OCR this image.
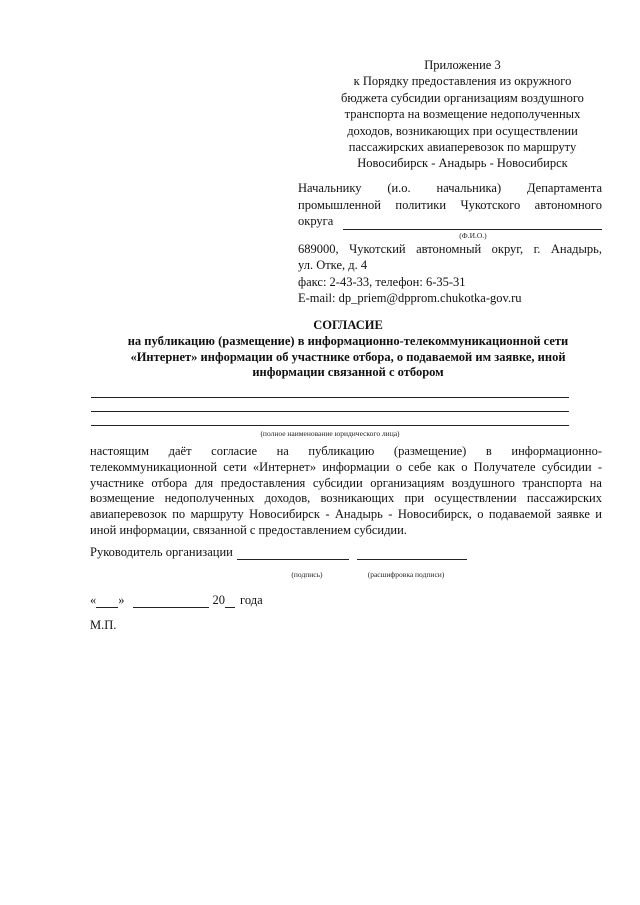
Приложение 3
к Порядку предоставления из окружного
бюджета субсидии организациям воздушного
транспорта на возмещение недополученных
доходов, возникающих при осуществлении
пассажирских авиаперевозок по маршруту
Новосибирск - Анадырь - Новосибирск
Начальнику (и.о. начальника) Департамента
промышленной политики Чукотского автономного
округа
(Ф.И.О.)
689000, Чукотский автономный округ, г. Анадырь,
ул. Отке, д. 4
факс: 2-43-33, телефон: 6-35-31
E-mail: dp_priem@dpprom.chukotka-gov.ru
СОГЛАСИЕ
на публикацию (размещение) в информационно-телекоммуникационной сети
«Интернет» информации об участнике отбора, о подаваемой им заявке, иной
информации связанной с отбором
(полное наименование юридического лица)
настоящим даёт согласие на публикацию (размещение) в информационно-телекоммуникационной сети «Интернет» информации о себе как о Получателе субсидии - участнике отбора для предоставления субсидии организациям воздушного транспорта на возмещение недополученных доходов, возникающих при осуществлении пассажирских авиаперевозок по маршруту Новосибирск - Анадырь - Новосибирск, о подаваемой заявке и иной информации, связанной с предоставлением субсидии.
Руководитель организации
(подпись)	(расшифровка подписи)
« »	20 года
М.П.
